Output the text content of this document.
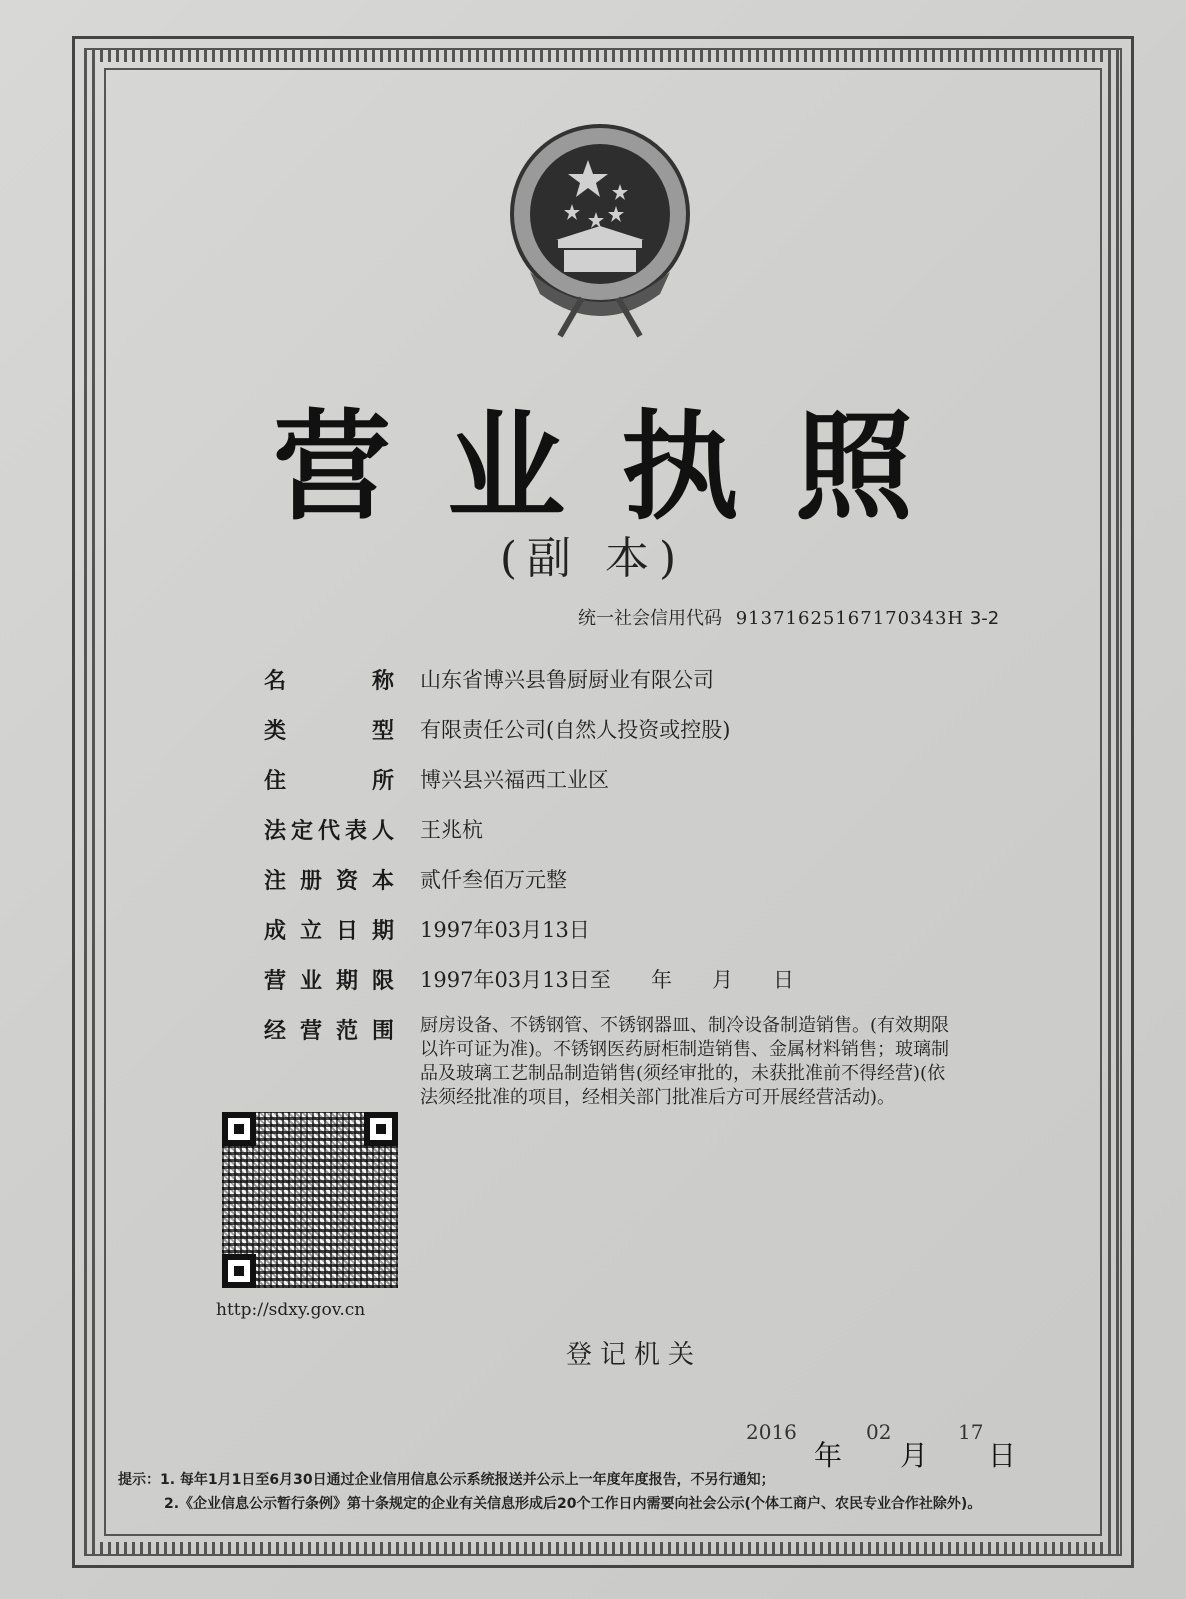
营业执照
(副 本)
统一社会信用代码 91371625167170343H 3-2
名 称 山东省博兴县鲁厨厨业有限公司
类 型 有限责任公司(自然人投资或控股)
住 所 博兴县兴福西工业区
法定代表人 王兆杭
注册资本 贰仟叁佰万元整
成立日期 1997年03月13日
营业期限 1997年03月13日至      年      月      日
经营范围 厨房设备、不锈钢管、不锈钢器皿、制冷设备制造销售。(有效期限以许可证为准)。不锈钢医药厨柜制造销售、金属材料销售；玻璃制品及玻璃工艺制品制造销售(须经审批的，未获批准前不得经营)(依法须经批准的项目，经相关部门批准后方可开展经营活动)。
http://sdxy.gov.cn
登记机关
2016
年
02
月
17
日
提示：1. 每年1月1日至6月30日通过企业信用信息公示系统报送并公示上一年度年度报告，不另行通知；
2.《企业信息公示暂行条例》第十条规定的企业有关信息形成后20个工作日内需要向社会公示(个体工商户、农民专业合作社除外)。
